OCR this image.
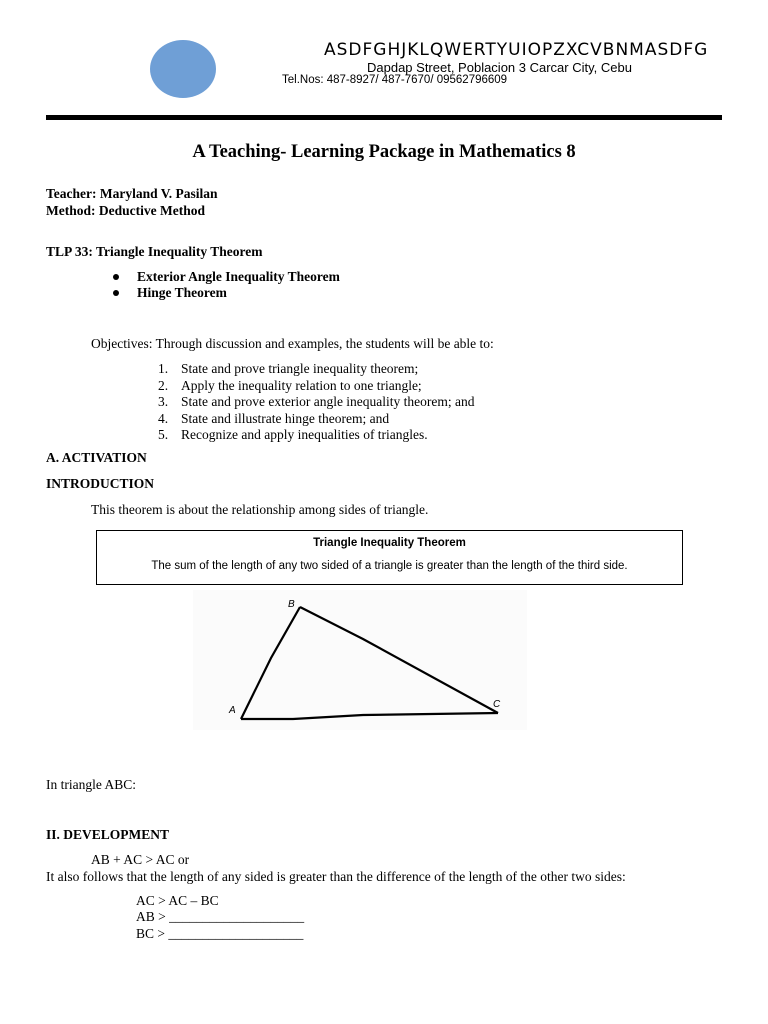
ASDFGHJKLQWERTYUIOPZXCVBNMASDFG
Dapdap Street, Poblacion 3 Carcar City, Cebu
Tel.Nos: 487-8927/ 487-7670/ 09562796609
A Teaching- Learning Package in Mathematics 8
Teacher: Maryland V. Pasilan
Method: Deductive Method
TLP 33: Triangle Inequality Theorem
Exterior Angle Inequality Theorem
Hinge Theorem
Objectives: Through discussion and examples, the students will be able to:
1. State and prove triangle inequality theorem;
2. Apply the inequality relation to one triangle;
3. State and prove exterior angle inequality theorem; and
4. State and illustrate hinge theorem; and
5. Recognize and apply inequalities of triangles.
A. ACTIVATION
INTRODUCTION
This theorem is about the relationship among sides of triangle.
Triangle Inequality Theorem
The sum of the length of any two sided of a triangle is greater than the length of the third side.
B
A
C
In triangle ABC:
II. DEVELOPMENT
AB + AC > AC or
It also follows that the length of any sided is greater than the difference of the length of the other two sides:
AC > AC – BC
AB > ____________________
BC > ____________________
